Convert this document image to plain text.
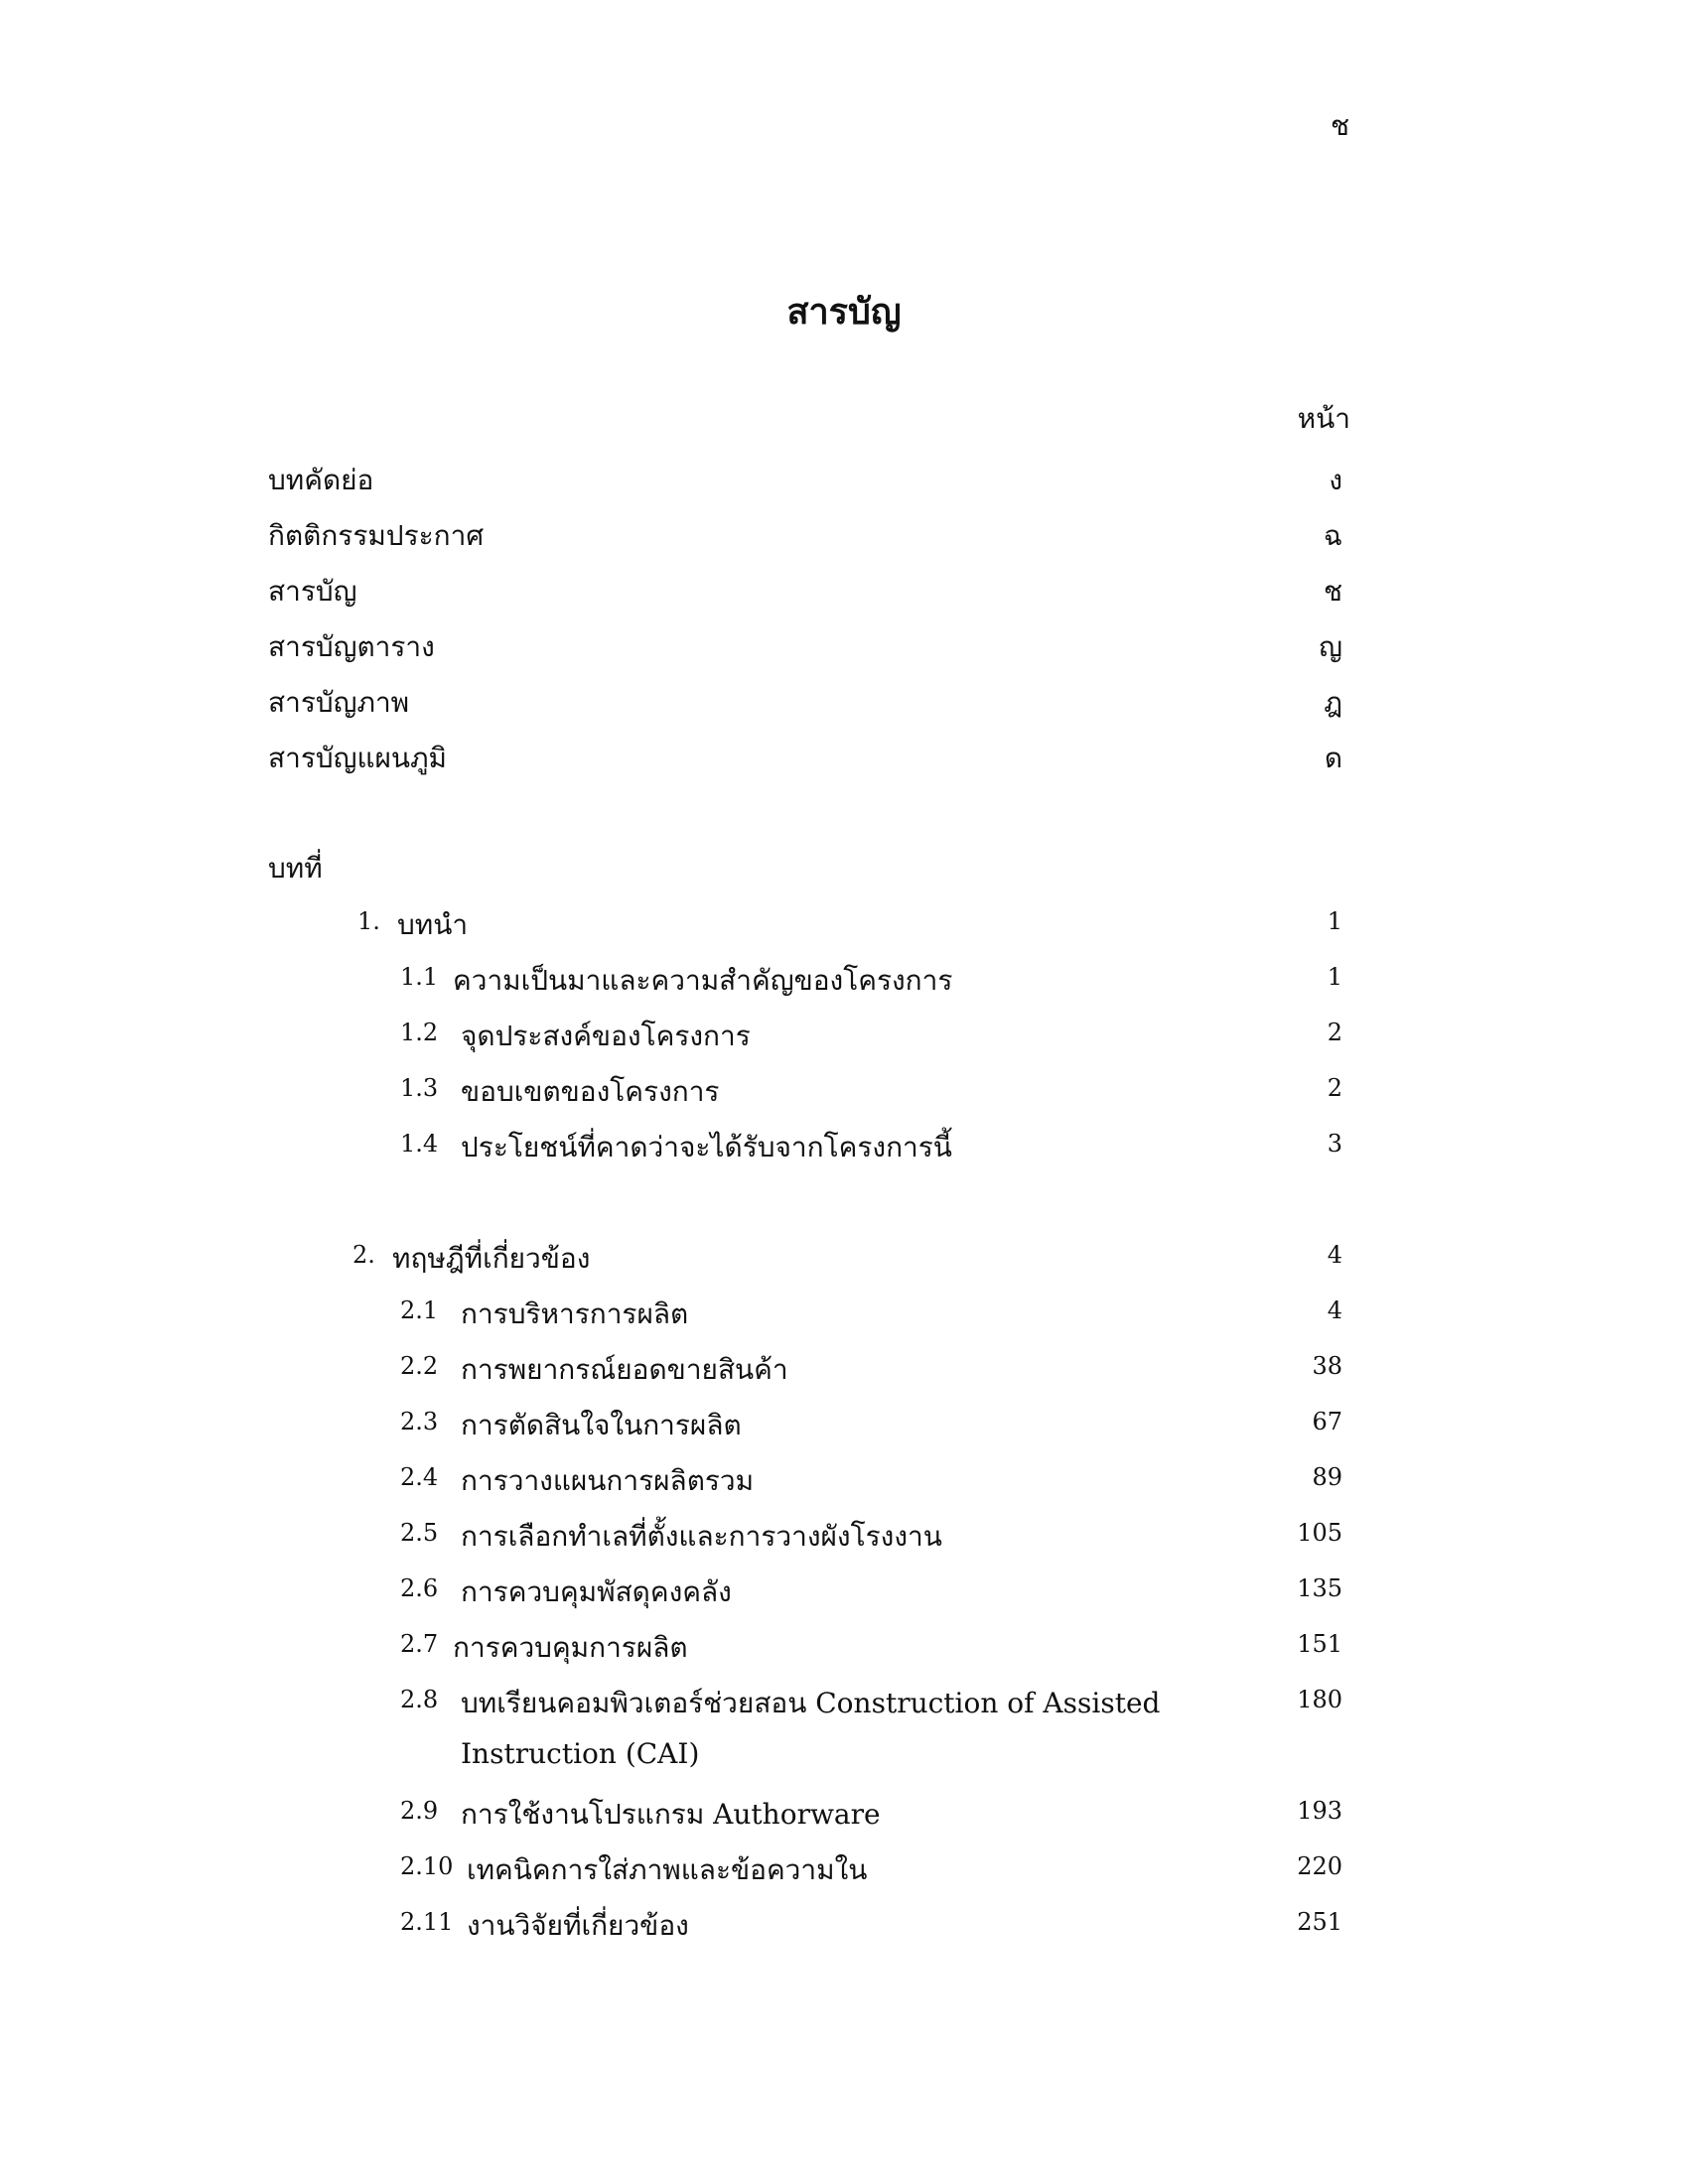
ช
สารบัญ
หน้า
บทคัดย่อ	ง
กิตติกรรมประกาศ	ฉ
สารบัญ	ช
สารบัญตาราง	ญ
สารบัญภาพ	ฎ
สารบัญแผนภูมิ	ด
บทที่
1. บทนำ	1
1.1 ความเป็นมาและความสำคัญของโครงการ	1
1.2 จุดประสงค์ของโครงการ	2
1.3 ขอบเขตของโครงการ	2
1.4 ประโยชน์ที่คาดว่าจะได้รับจากโครงการนี้	3
2. ทฤษฎีที่เกี่ยวข้อง	4
2.1 การบริหารการผลิต	4
2.2 การพยากรณ์ยอดขายสินค้า	38
2.3 การตัดสินใจในการผลิต	67
2.4 การวางแผนการผลิตรวม	89
2.5 การเลือกทำเลที่ตั้งและการวางผังโรงงาน	105
2.6 การควบคุมพัสดุคงคลัง	135
2.7 การควบคุมการผลิต	151
2.8 บทเรียนคอมพิวเตอร์ช่วยสอน Construction of Assisted	180
Instruction (CAI)
2.9 การใช้งานโปรแกรม Authorware	193
2.10 เทคนิคการใส่ภาพและข้อความใน	220
2.11 งานวิจัยที่เกี่ยวข้อง	251
